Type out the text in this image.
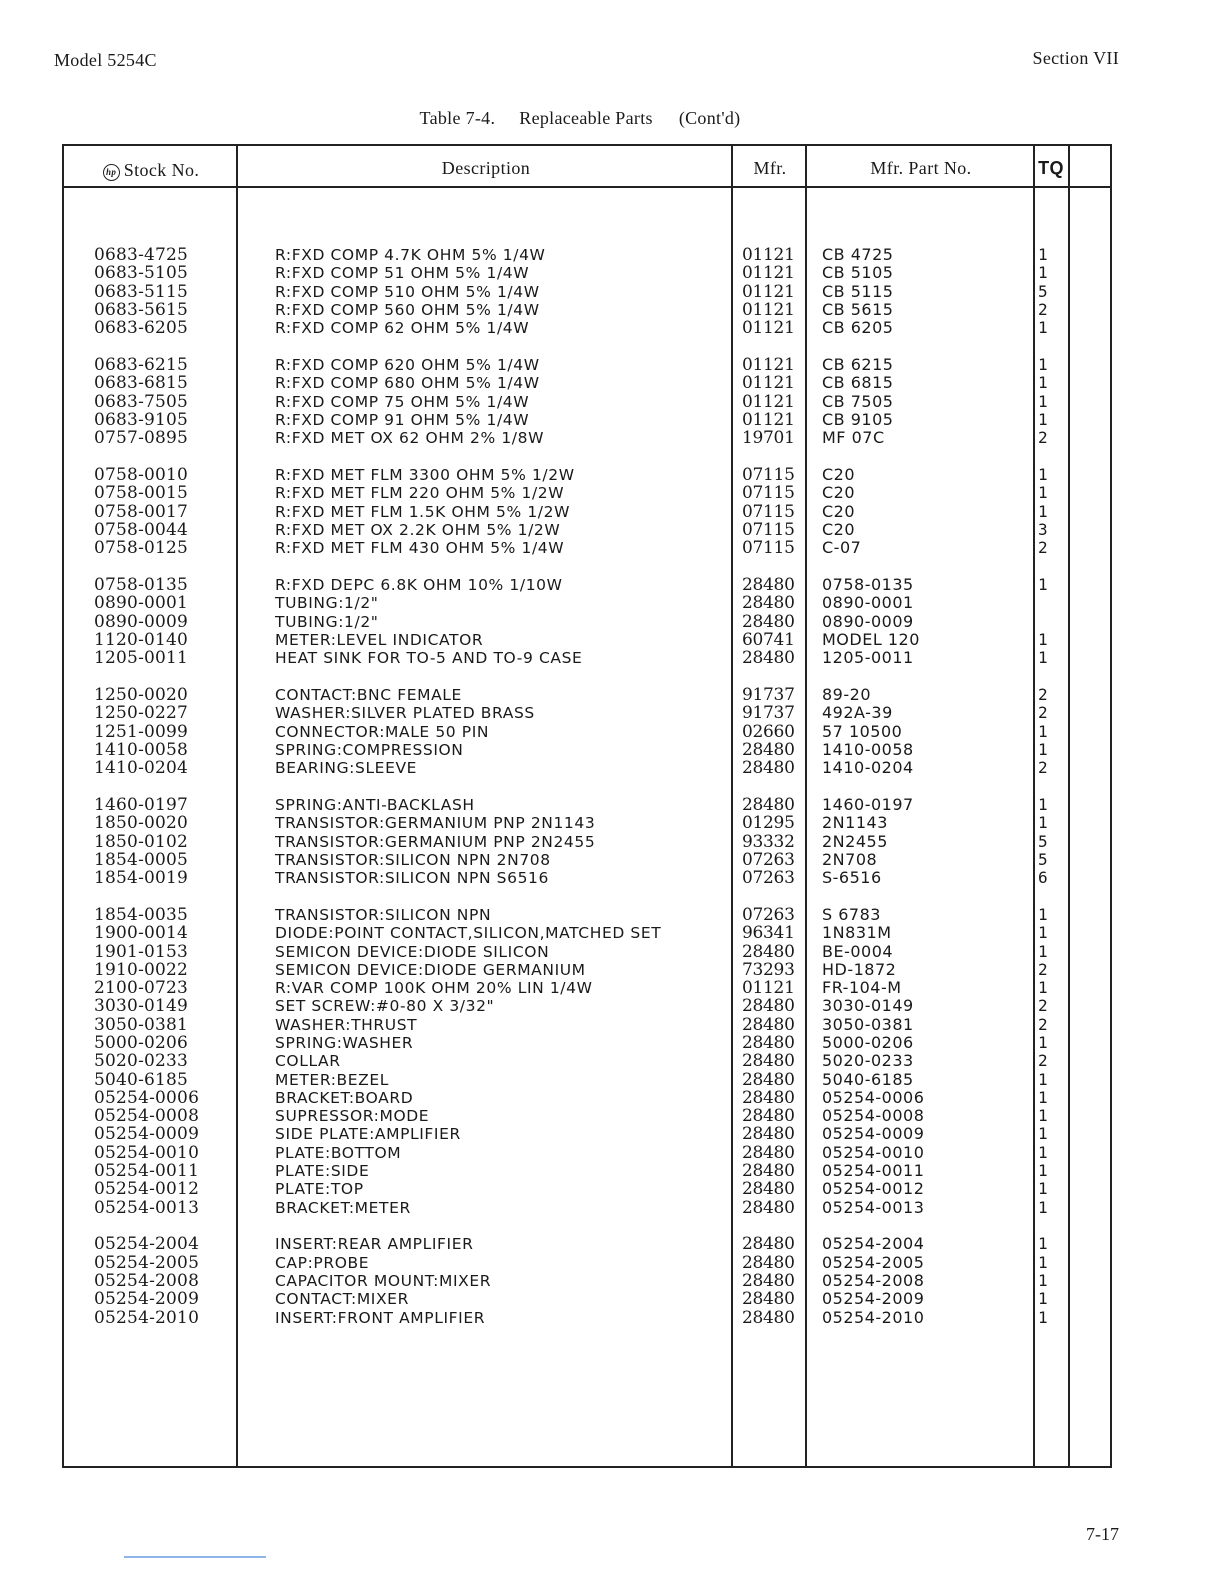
Model 5254C	Section VII
Table 7-4. Replaceable Parts (Cont'd)
hp Stock No.	Description	Mfr.	Mfr. Part No.	TQ
0683-4725	R:FXD COMP 4.7K OHM 5% 1/4W	01121 CB 4725	1
0683-5105	R:FXD COMP 51 OHM 5% 1/4W	01121 CB 5105	1
0683-5115	R:FXD COMP 510 OHM 5% 1/4W	01121 CB 5115	5
0683-5615	R:FXD COMP 560 OHM 5% 1/4W	01121 CB 5615	2
0683-6205	R:FXD COMP 62 OHM 5% 1/4W	01121 CB 6205	1
0683-6215	R:FXD COMP 620 OHM 5% 1/4W	01121 CB 6215	1
0683-6815	R:FXD COMP 680 OHM 5% 1/4W	01121 CB 6815	1
0683-7505	R:FXD COMP 75 OHM 5% 1/4W	01121 CB 7505	1
0683-9105	R:FXD COMP 91 OHM 5% 1/4W	01121 CB 9105	1
0757-0895	R:FXD MET OX 62 OHM 2% 1/8W	19701 MF 07C	2
0758-0010	R:FXD MET FLM 3300 OHM 5% 1/2W	07115 C20	1
0758-0015	R:FXD MET FLM 220 OHM 5% 1/2W	07115 C20	1
0758-0017	R:FXD MET FLM 1.5K OHM 5% 1/2W	07115 C20	1
0758-0044	R:FXD MET OX 2.2K OHM 5% 1/2W	07115 C20	3
0758-0125	R:FXD MET FLM 430 OHM 5% 1/4W	07115 C-07	2
0758-0135	R:FXD DEPC 6.8K OHM 10% 1/10W	28480 0758-0135	1
0890-0001	TUBING:1/2"	28480 0890-0001
0890-0009	TUBING:1/2"	28480 0890-0009
1120-0140	METER:LEVEL INDICATOR	60741 MODEL 120	1
1205-0011	HEAT SINK FOR TO-5 AND TO-9 CASE	28480 1205-0011	1
1250-0020	CONTACT:BNC FEMALE	91737 89-20	2
1250-0227	WASHER:SILVER PLATED BRASS	91737 492A-39	2
1251-0099	CONNECTOR:MALE 50 PIN	02660 57 10500	1
1410-0058	SPRING:COMPRESSION	28480 1410-0058	1
1410-0204	BEARING:SLEEVE	28480 1410-0204	2
1460-0197	SPRING:ANTI-BACKLASH	28480 1460-0197	1
1850-0020	TRANSISTOR:GERMANIUM PNP 2N1143	01295 2N1143	1
1850-0102	TRANSISTOR:GERMANIUM PNP 2N2455	93332 2N2455	5
1854-0005	TRANSISTOR:SILICON NPN 2N708	07263 2N708	5
1854-0019	TRANSISTOR:SILICON NPN S6516	07263 S-6516	6
1854-0035	TRANSISTOR:SILICON NPN	07263 S 6783	1
1900-0014	DIODE:POINT CONTACT,SILICON,MATCHED SET	96341 1N831M	1
1901-0153	SEMICON DEVICE:DIODE SILICON	28480 BE-0004	1
1910-0022	SEMICON DEVICE:DIODE GERMANIUM	73293 HD-1872	2
2100-0723	R:VAR COMP 100K OHM 20% LIN 1/4W	01121 FR-104-M	1
3030-0149	SET SCREW:#0-80 X 3/32"	28480 3030-0149	2
3050-0381	WASHER:THRUST	28480 3050-0381	2
5000-0206	SPRING:WASHER	28480 5000-0206	1
5020-0233	COLLAR	28480 5020-0233	2
5040-6185	METER:BEZEL	28480 5040-6185	1
05254-0006	BRACKET:BOARD	28480 05254-0006	1
05254-0008	SUPRESSOR:MODE	28480 05254-0008	1
05254-0009	SIDE PLATE:AMPLIFIER	28480 05254-0009	1
05254-0010	PLATE:BOTTOM	28480 05254-0010	1
05254-0011	PLATE:SIDE	28480 05254-0011	1
05254-0012	PLATE:TOP	28480 05254-0012	1
05254-0013	BRACKET:METER	28480 05254-0013	1
05254-2004	INSERT:REAR AMPLIFIER	28480 05254-2004	1
05254-2005	CAP:PROBE	28480 05254-2005	1
05254-2008	CAPACITOR MOUNT:MIXER	28480 05254-2008	1
05254-2009	CONTACT:MIXER	28480 05254-2009	1
05254-2010	INSERT:FRONT AMPLIFIER	28480 05254-2010	1
7-17
